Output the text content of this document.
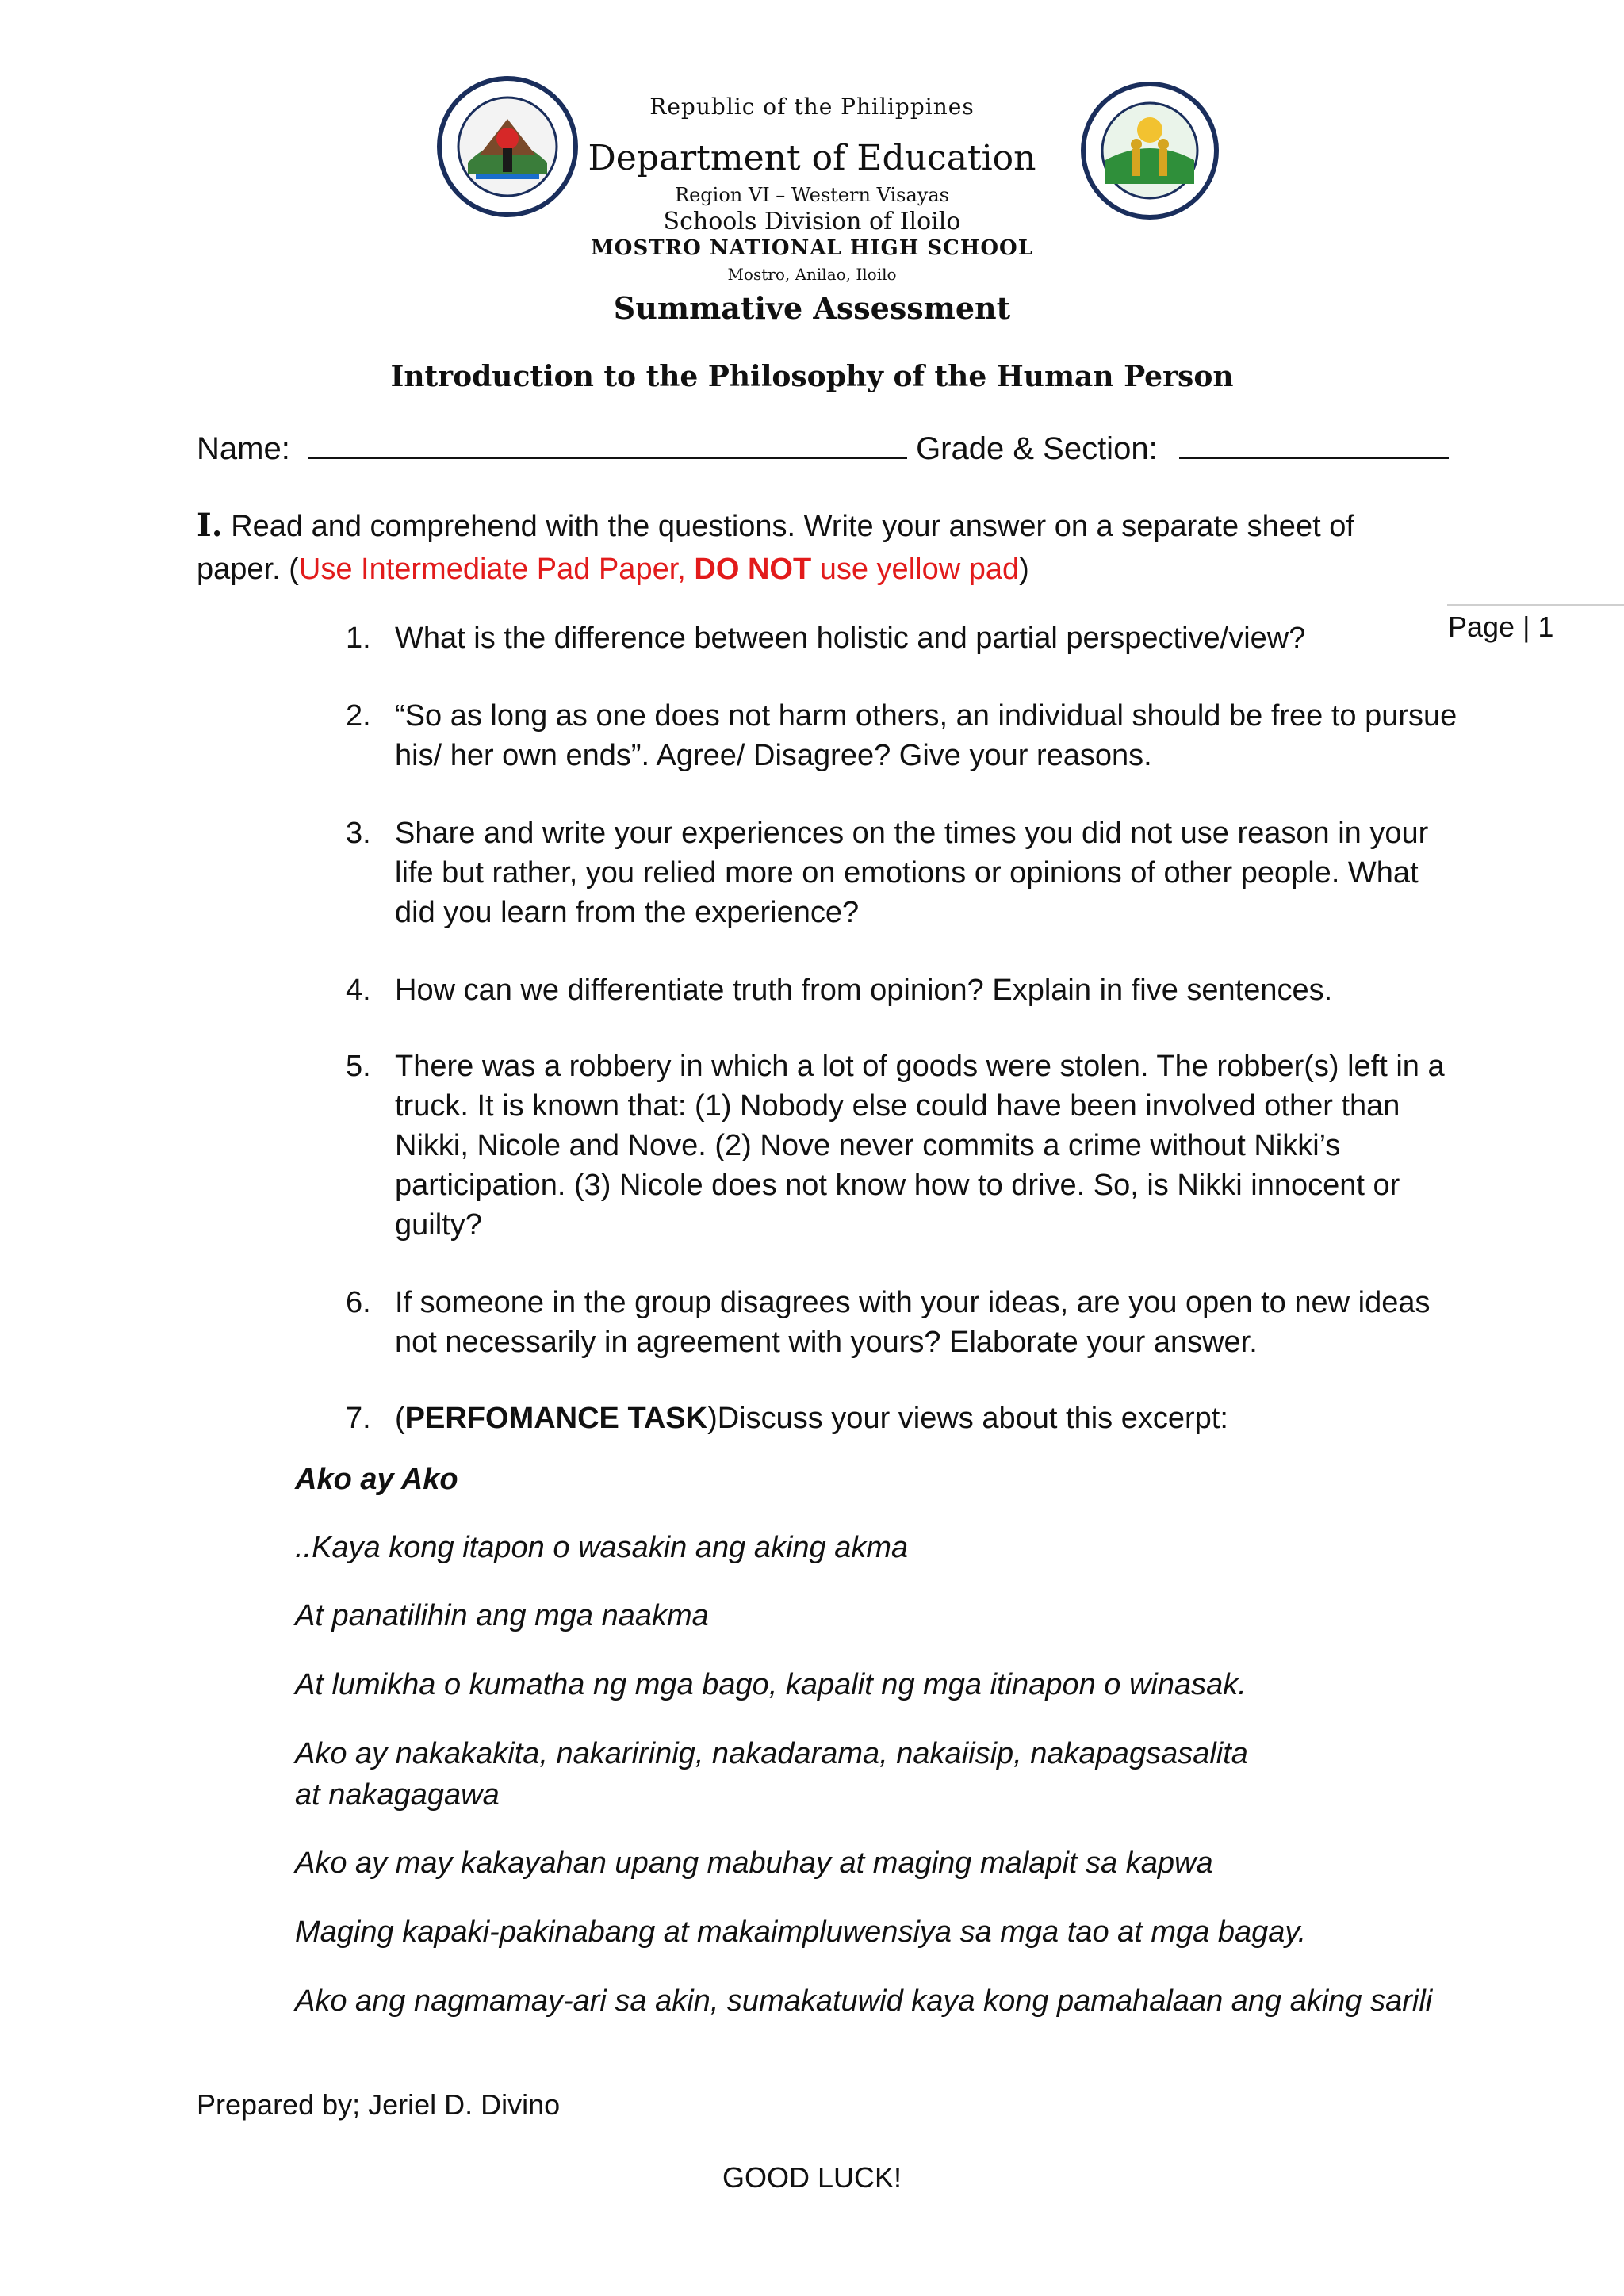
Republic of the Philippines
Department of Education
Region VI – Western Visayas
Schools Division of Iloilo
MOSTRO NATIONAL HIGH SCHOOL
Mostro, Anilao, Iloilo
Summative Assessment
Introduction to the Philosophy of the Human Person
Name:	Grade & Section:
I. Read and comprehend with the questions. Write your answer on a separate sheet of paper. (Use Intermediate Pad Paper, DO NOT use yellow pad)
Page | 1
1. What is the difference between holistic and partial perspective/view?
2. “So as long as one does not harm others, an individual should be free to pursue his/ her own ends”. Agree/ Disagree? Give your reasons.
3. Share and write your experiences on the times you did not use reason in your life but rather, you relied more on emotions or opinions of other people. What did you learn from the experience?
4. How can we differentiate truth from opinion? Explain in five sentences.
5. There was a robbery in which a lot of goods were stolen. The robber(s) left in a truck. It is known that: (1) Nobody else could have been involved other than Nikki, Nicole and Nove. (2) Nove never commits a crime without Nikki’s participation. (3) Nicole does not know how to drive. So, is Nikki innocent or guilty?
6. If someone in the group disagrees with your ideas, are you open to new ideas not necessarily in agreement with yours? Elaborate your answer.
7. (PERFOMANCE TASK)Discuss your views about this excerpt:
Ako ay Ako
..Kaya kong itapon o wasakin ang aking akma
At panatilihin ang mga naakma
At lumikha o kumatha ng mga bago, kapalit ng mga itinapon o winasak.
Ako ay nakakakita, nakaririnig, nakadarama, nakaiisip, nakapagsasalita at nakagagawa
Ako ay may kakayahan upang mabuhay at maging malapit sa kapwa
Maging kapaki-pakinabang at makaimpluwensiya sa mga tao at mga bagay.
Ako ang nagmamay-ari sa akin, sumakatuwid kaya kong pamahalaan ang aking sarili
Prepared by; Jeriel D. Divino
GOOD LUCK!
